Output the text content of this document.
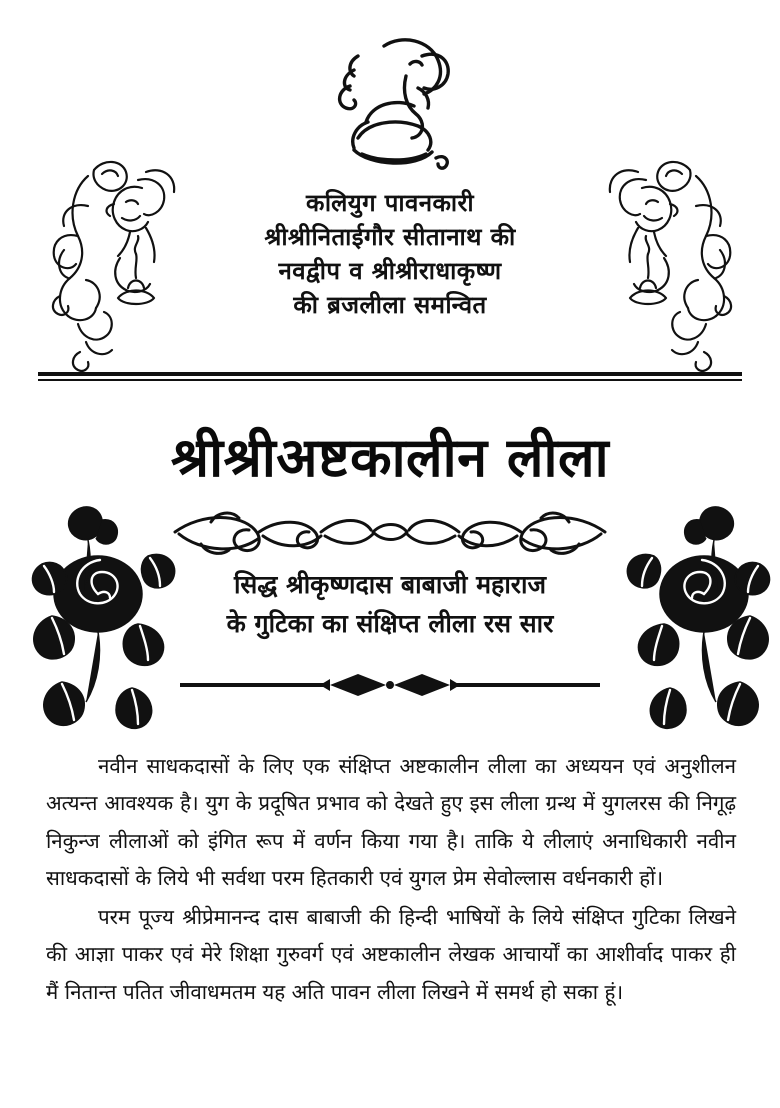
कलियुग पावनकारी
श्रीश्रीनिताईगौर सीतानाथ की
नवद्वीप व श्रीश्रीराधाकृष्ण
की ब्रजलीला समन्वित
श्रीश्रीअष्टकालीन लीला
सिद्ध श्रीकृष्णदास बाबाजी महाराज
के गुटिका का संक्षिप्त लीला रस सार

नवीन साधकदासों के लिए एक संक्षिप्त अष्टकालीन लीला का अध्ययन एवं अनुशीलन अत्यन्त आवश्यक है। युग के प्रदूषित प्रभाव को देखते हुए इस लीला ग्रन्थ में युगलरस की निगूढ़ निकुन्ज लीलाओं को इंगित रूप में वर्णन किया गया है। ताकि ये लीलाएं अनाधिकारी नवीन साधकदासों के लिये भी सर्वथा परम हितकारी एवं युगल प्रेम सेवोल्लास वर्धनकारी हों।

परम पूज्य श्रीप्रेमानन्द दास बाबाजी की हिन्दी भाषियों के लिये संक्षिप्त गुटिका लिखने की आज्ञा पाकर एवं मेरे शिक्षा गुरुवर्ग एवं अष्टकालीन लेखक आचार्यों का आशीर्वाद पाकर ही मैं नितान्त पतित जीवाधमतम यह अति पावन लीला लिखने में समर्थ हो सका हूं।
